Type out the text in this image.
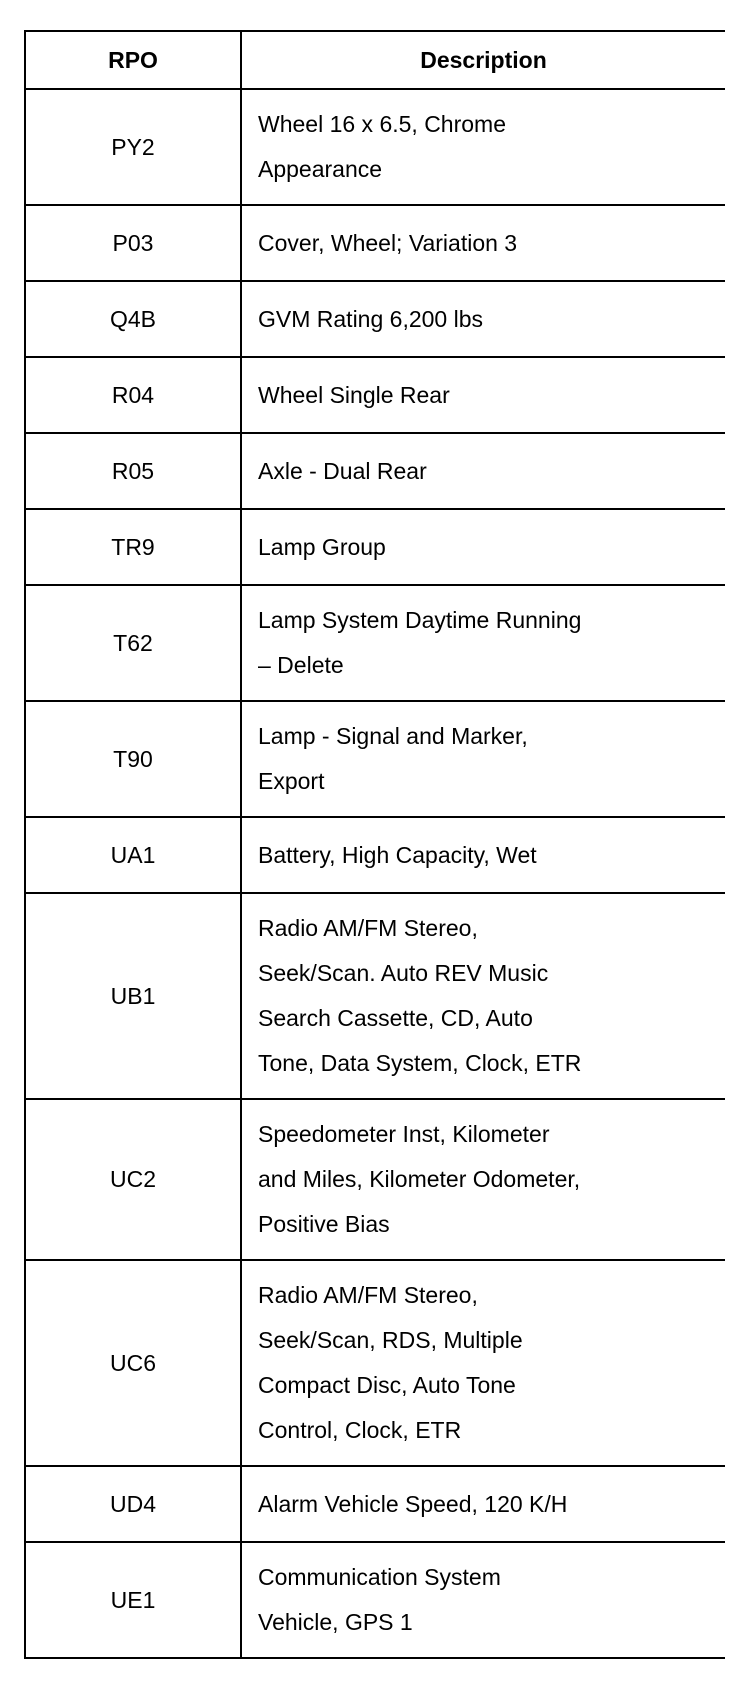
RPO	Description
PY2	Wheel 16 x 6.5, Chrome
Appearance

P03	Cover, Wheel; Variation 3

Q4B	GVM Rating 6,200 lbs

R04	Wheel Single Rear

R05	Axle - Dual Rear

TR9	Lamp Group

T62	Lamp System Daytime Running
– Delete

T90	Lamp - Signal and Marker,
Export

UA1	Battery, High Capacity, Wet

UB1	Radio AM/FM Stereo,
Seek/Scan. Auto REV Music
Search Cassette, CD, Auto
Tone, Data System, Clock, ETR

UC2	Speedometer Inst, Kilometer
and Miles, Kilometer Odometer,
Positive Bias

UC6	Radio AM/FM Stereo,
Seek/Scan, RDS, Multiple
Compact Disc, Auto Tone
Control, Clock, ETR

UD4	Alarm Vehicle Speed, 120 K/H

UE1	Communication System
Vehicle, GPS 1
